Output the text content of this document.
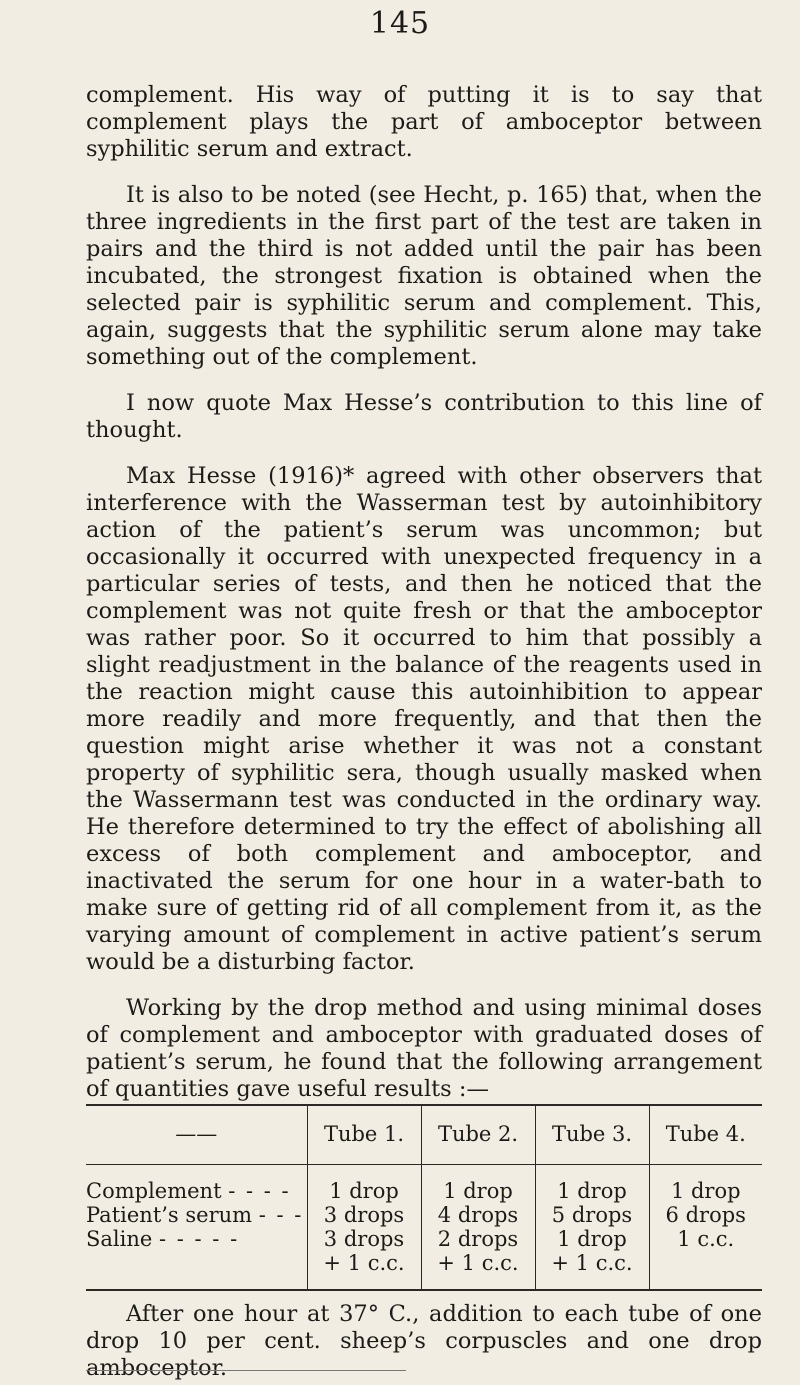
145

complement. His way of putting it is to say that complement plays the part of amboceptor between syphilitic serum and extract.

It is also to be noted (see Hecht, p. 165) that, when the three ingredients in the first part of the test are taken in pairs and the third is not added until the pair has been incubated, the strongest fixation is obtained when the selected pair is syphilitic serum and complement. This, again, suggests that the syphilitic serum alone may take something out of the complement.

I now quote Max Hesse’s contribution to this line of thought.

Max Hesse (1916)* agreed with other observers that interference with the Wasserman test by autoinhibitory action of the patient’s serum was uncommon; but occasionally it occurred with unexpected frequency in a particular series of tests, and then he noticed that the complement was not quite fresh or that the amboceptor was rather poor. So it occurred to him that possibly a slight readjustment in the balance of the reagents used in the reaction might cause this autoinhibition to appear more readily and more frequently, and that then the question might arise whether it was not a constant property of syphilitic sera, though usually masked when the Wassermann test was conducted in the ordinary way. He therefore determined to try the effect of abolishing all excess of both complement and amboceptor, and inactivated the serum for one hour in a water-bath to make sure of getting rid of all complement from it, as the varying amount of complement in active patient’s serum would be a disturbing factor.

Working by the drop method and using minimal doses of complement and amboceptor with graduated doses of patient’s serum, he found that the following arrangement of quantities gave useful results :—

——	Tube 1.	Tube 2.	Tube 3.	Tube 4.
Complement - - - -	1 drop	1 drop	1 drop	1 drop
Patient’s serum - - -	3 drops	4 drops	5 drops	6 drops
Saline - - - - -	3 drops	2 drops	1 drop	1 c.c.
	+ 1 c.c.	+ 1 c.c.	+ 1 c.c.	

After one hour at 37° C., addition to each tube of one drop 10 per cent. sheep’s corpuscles and one drop amboceptor.
